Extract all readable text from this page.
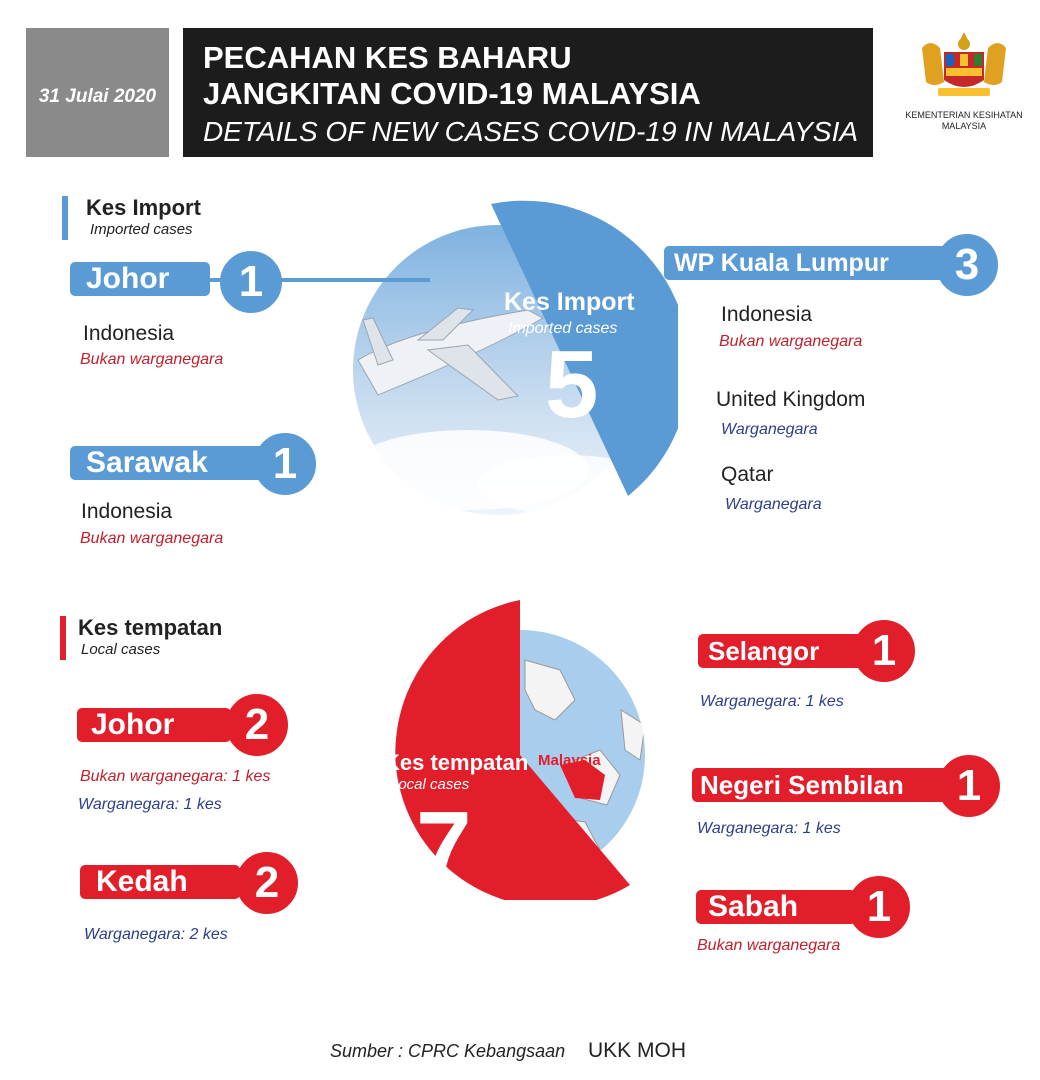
31 Julai 2020
PECAHAN KES BAHARU
JANGKITAN COVID-19 MALAYSIA
DETAILS OF NEW CASES COVID-19 IN MALAYSIA
KEMENTERIAN KESIHATAN
MALAYSIA
Kes Import
Imported cases
Kes Import
Imported cases
5
Johor	1
Indonesia
Bukan warganegara
Sarawak	1
Indonesia
Bukan warganegara
WP Kuala Lumpur	3
Indonesia
Bukan warganegara
United Kingdom
Warganegara
Qatar
Warganegara
Kes tempatan
Local cases
Malaysia
Kes tempatan
Local cases
7
Johor	2
Bukan warganegara: 1 kes
Warganegara: 1 kes
Kedah	2
Warganegara: 2 kes
Selangor	1
Warganegara: 1 kes
Negeri Sembilan	1
Warganegara: 1 kes
Sabah	1
Bukan warganegara
Sumber : CPRC Kebangsaan UKK MOH
